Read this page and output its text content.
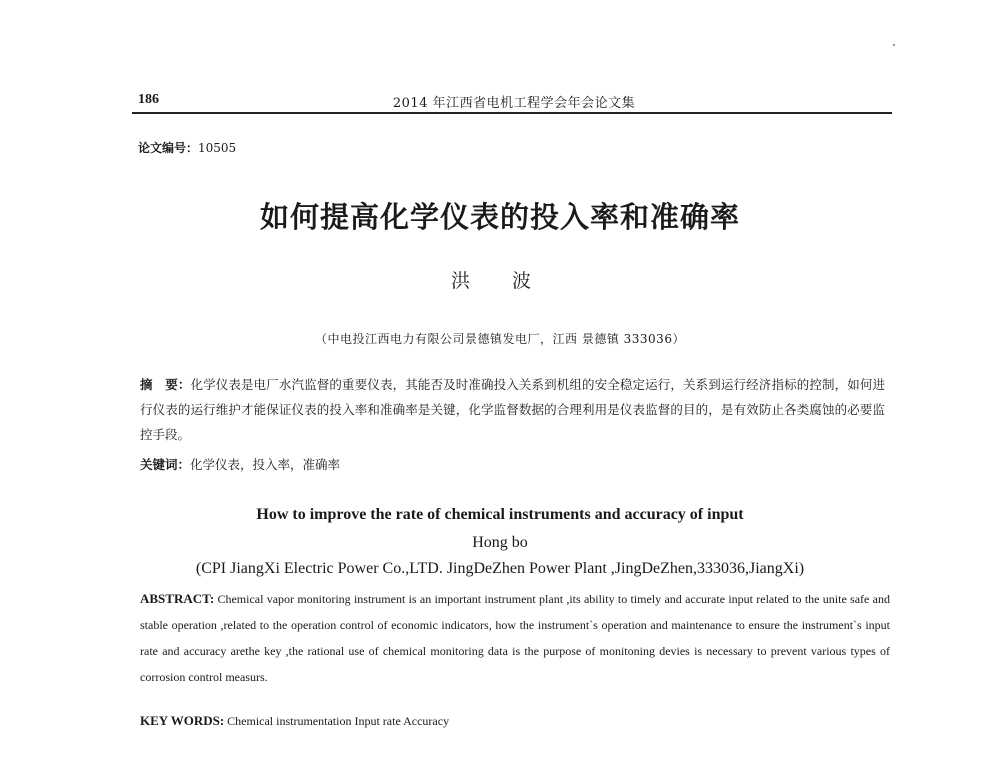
186	2014 年江西省电机工程学会年会论文集
论文编号：10505
如何提高化学仪表的投入率和准确率
洪 波
（中电投江西电力有限公司景德镇发电厂，江西 景德镇 333036）
摘　要：化学仪表是电厂水汽监督的重要仪表，其能否及时准确投入关系到机组的安全稳定运行，关系到运行经济指标的控制，如何进行仪表的运行维护才能保证仪表的投入率和准确率是关键，化学监督数据的合理利用是仪表监督的目的，是有效防止各类腐蚀的必要监控手段。
关键词：化学仪表，投入率，准确率
How to improve the rate of chemical instruments and accuracy of input
Hong bo
(CPI JiangXi Electric Power Co.,LTD. JingDeZhen Power Plant ,JingDeZhen,333036,JiangXi)
ABSTRACT: Chemical vapor monitoring instrument is an important instrument plant ,its ability to timely and accurate input related to the unite safe and stable operation ,related to the operation control of economic indicators, how the instrument`s operation and maintenance to ensure the instrument`s input rate and accuracy arethe key ,the rational use of chemical monitoring data is the purpose of monitoning devies is necessary to prevent various types of corrosion control measurs.
KEY WORDS: Chemical instrumentation Input rate Accuracy
